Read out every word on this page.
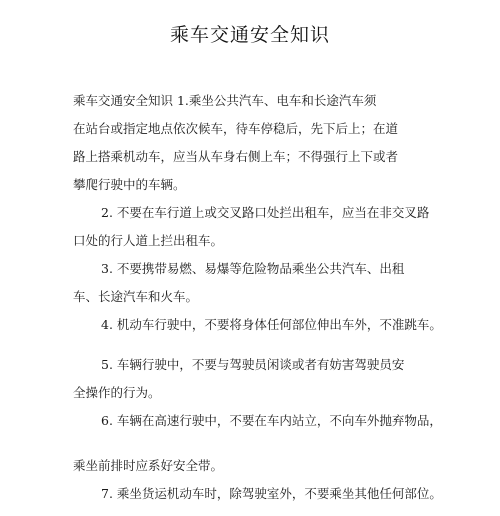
乘车交通安全知识
乘车交通安全知识 1.乘坐公共汽车、电车和长途汽车须
在站台或指定地点依次候车，待车停稳后，先下后上；在道
路上搭乘机动车，应当从车身右侧上车；不得强行上下或者
攀爬行驶中的车辆。
2. 不要在车行道上或交叉路口处拦出租车，应当在非交叉路
口处的行人道上拦出租车。
3. 不要携带易燃、易爆等危险物品乘坐公共汽车、出租
车、长途汽车和火车。
4. 机动车行驶中，不要将身体任何部位伸出车外，不准跳车。
5. 车辆行驶中，不要与驾驶员闲谈或者有妨害驾驶员安
全操作的行为。
6. 车辆在高速行驶中，不要在车内站立，不向车外抛弃物品，
乘坐前排时应系好安全带。
7. 乘坐货运机动车时，除驾驶室外，不要乘坐其他任何部位。
